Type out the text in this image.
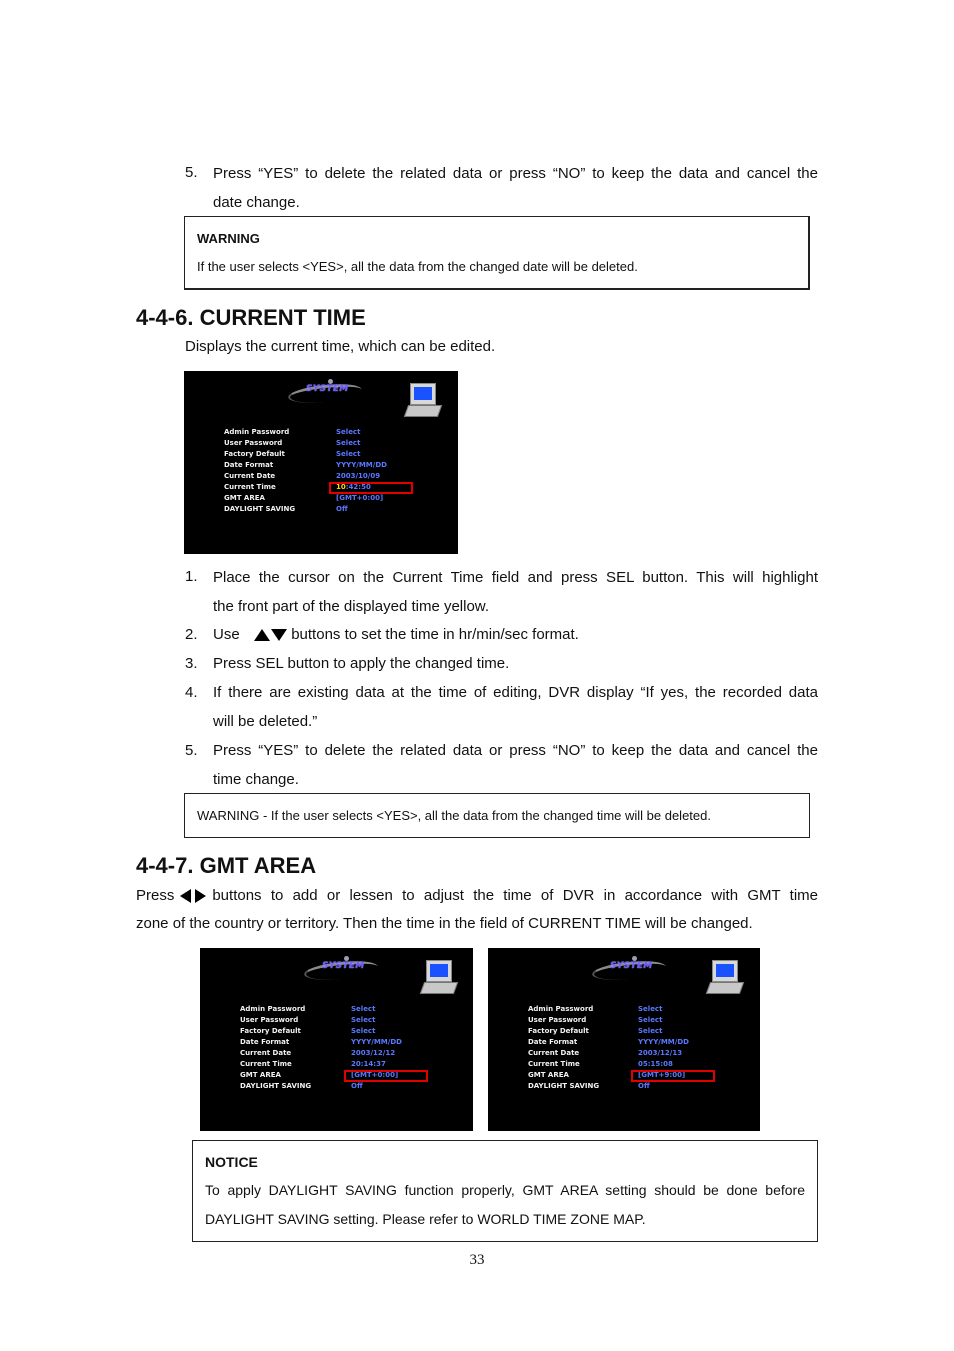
5. Press “YES” to delete the related data or press “NO” to keep the data and cancel the
date change.
WARNING
If the user selects <YES>, all the data from the changed date will be deleted.
4-4-6. CURRENT TIME
Displays the current time, which can be edited.
SYSTEM
Admin Password
User Password
Factory Default
Date Format
Current Date
Current Time
GMT AREA
DAYLIGHT SAVING
Select
Select
Select
YYYY/MM/DD
2003/10/09
10:42:50
[GMT+0:00]
Off
1. Place the cursor on the Current Time field and press SEL button. This will highlight
the front part of the displayed time yellow.
2. Use	buttons to set the time in hr/min/sec format.
3. Press SEL button to apply the changed time.
4. If there are existing data at the time of editing, DVR display “If yes, the recorded data
will be deleted.”
5. Press “YES” to delete the related data or press “NO” to keep the data and cancel the
time change.
WARNING - If the user selects <YES>, all the data from the changed time will be deleted.
4-4-7. GMT AREA
Press	buttons to add or lessen to adjust the time of DVR in accordance with GMT time
zone of the country or territory. Then the time in the field of CURRENT TIME will be changed.
SYSTEM
Admin Password
User Password
Factory Default
Date Format
Current Date
Current Time
GMT AREA
DAYLIGHT SAVING
Select
Select
Select
YYYY/MM/DD
2003/12/12
20:14:37
[GMT+0:00]
Off
SYSTEM
Admin Password
User Password
Factory Default
Date Format
Current Date
Current Time
GMT AREA
DAYLIGHT SAVING
Select
Select
Select
YYYY/MM/DD
2003/12/13
05:15:08
[GMT+9:00]
Off
NOTICE
To apply DAYLIGHT SAVING function properly, GMT AREA setting should be done before
DAYLIGHT SAVING setting. Please refer to WORLD TIME ZONE MAP.
33
